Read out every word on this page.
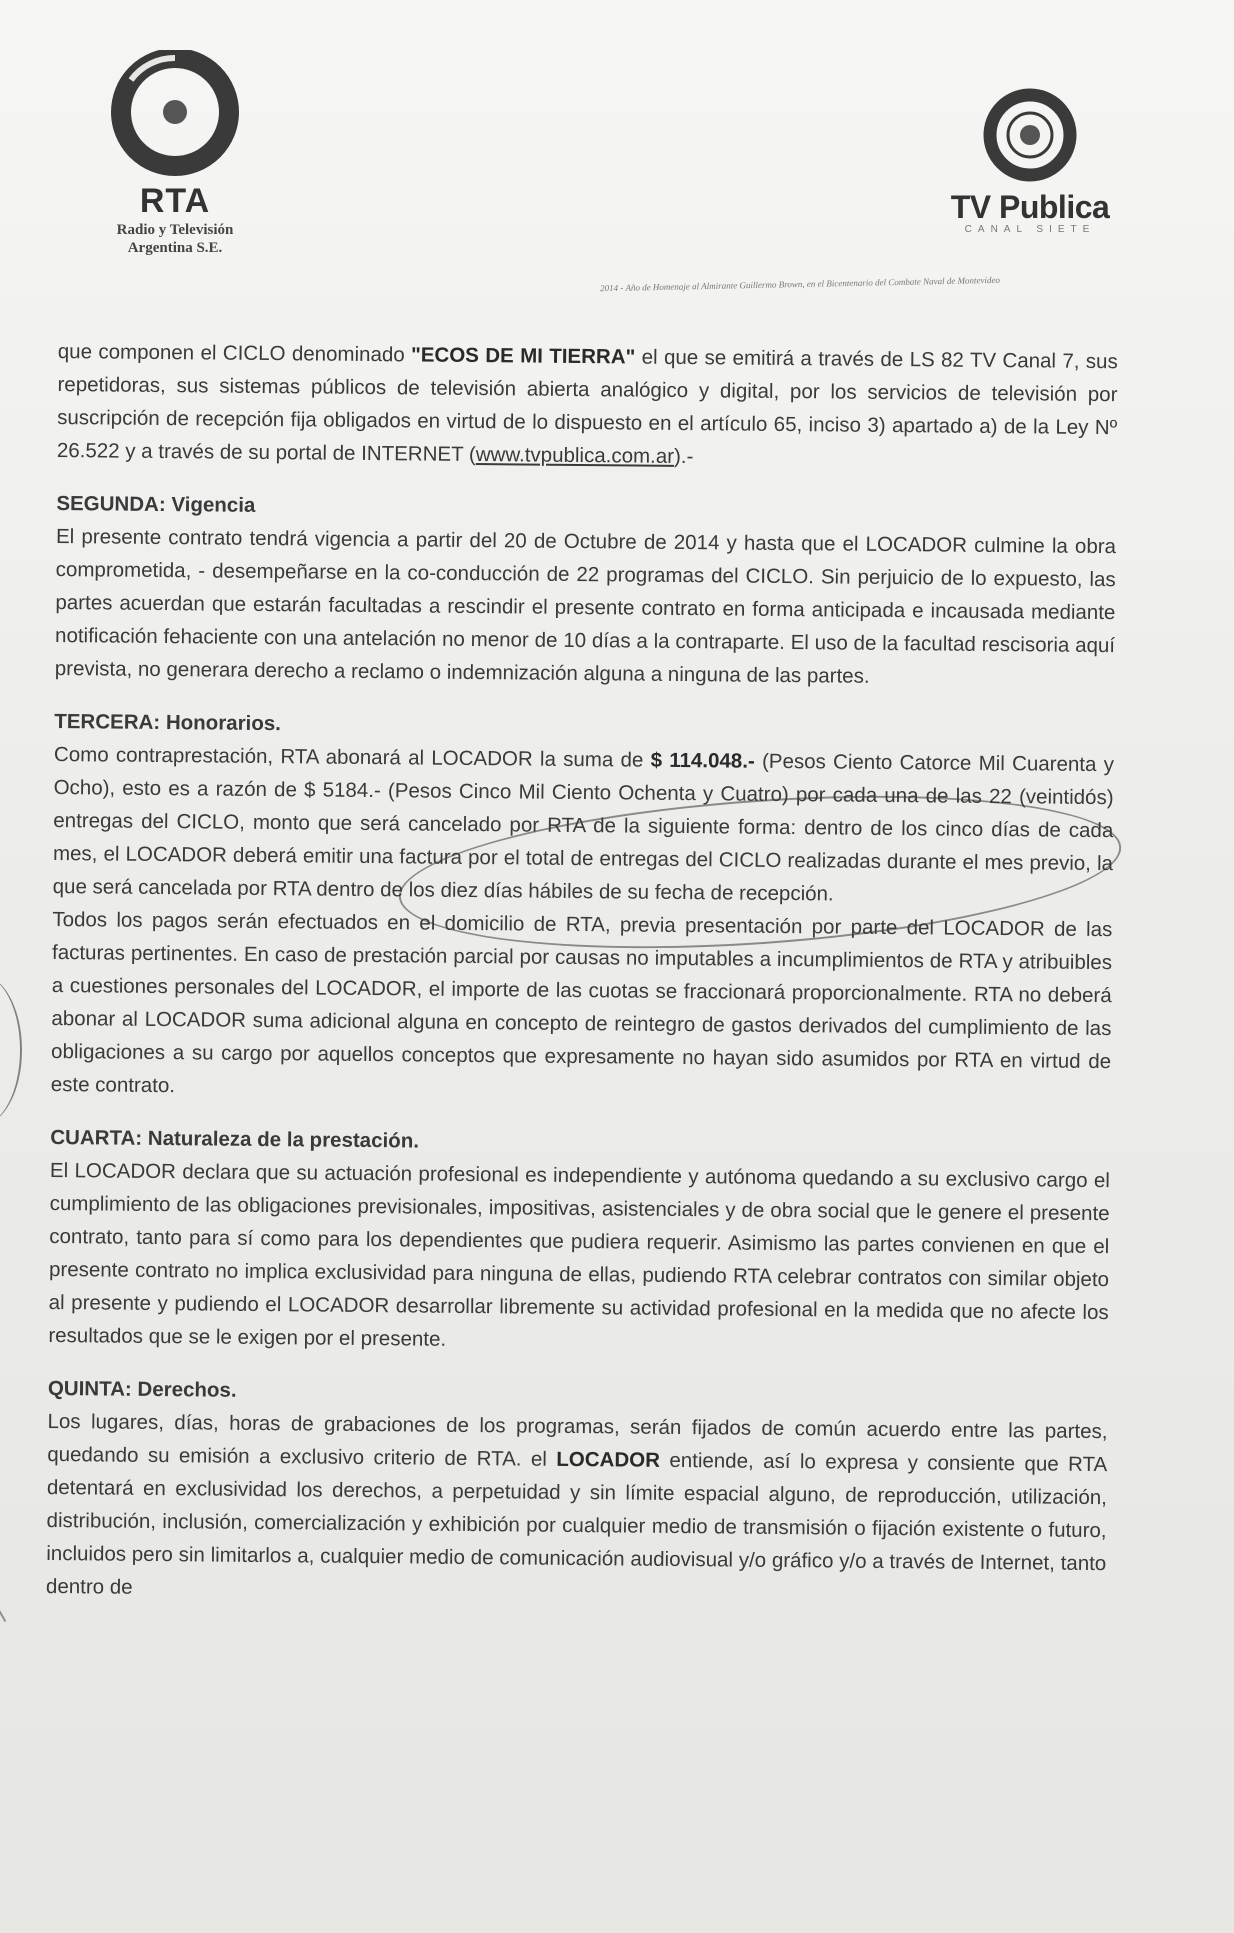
RTA
Radio y Televisión
Argentina S.E.
TV Publica
CANAL SIETE
2014 - Año de Homenaje al Almirante Guillermo Brown, en el Bicentenario del Combate Naval de Montevideo

que componen el CICLO denominado "ECOS DE MI TIERRA" el que se emitirá a través de LS 82 TV Canal 7, sus repetidoras, sus sistemas públicos de televisión abierta analógico y digital, por los servicios de televisión por suscripción de recepción fija obligados en virtud de lo dispuesto en el artículo 65, inciso 3) apartado a) de la Ley Nº 26.522 y a través de su portal de INTERNET (www.tvpublica.com.ar).-

SEGUNDA: Vigencia

El presente contrato tendrá vigencia a partir del 20 de Octubre de 2014 y hasta que el LOCADOR culmine la obra comprometida, - desempeñarse en la co-conducción de 22 programas del CICLO. Sin perjuicio de lo expuesto, las partes acuerdan que estarán facultadas a rescindir el presente contrato en forma anticipada e incausada mediante notificación fehaciente con una antelación no menor de 10 días a la contraparte. El uso de la facultad rescisoria aquí prevista, no generara derecho a reclamo o indemnización alguna a ninguna de las partes.

TERCERA: Honorarios.

Como contraprestación, RTA abonará al LOCADOR la suma de $ 114.048.- (Pesos Ciento Catorce Mil Cuarenta y Ocho), esto es a razón de $ 5184.- (Pesos Cinco Mil Ciento Ochenta y Cuatro) por cada una de las 22 (veintidós) entregas del CICLO, monto que será cancelado por RTA de la siguiente forma: dentro de los cinco días de cada mes, el LOCADOR deberá emitir una factura por el total de entregas del CICLO realizadas durante el mes previo, la que será cancelada por RTA dentro de los diez días hábiles de su fecha de recepción.

Todos los pagos serán efectuados en el domicilio de RTA, previa presentación por parte del LOCADOR de las facturas pertinentes. En caso de prestación parcial por causas no imputables a incumplimientos de RTA y atribuibles a cuestiones personales del LOCADOR, el importe de las cuotas se fraccionará proporcionalmente. RTA no deberá abonar al LOCADOR suma adicional alguna en concepto de reintegro de gastos derivados del cumplimiento de las obligaciones a su cargo por aquellos conceptos que expresamente no hayan sido asumidos por RTA en virtud de este contrato.

CUARTA: Naturaleza de la prestación.

El LOCADOR declara que su actuación profesional es independiente y autónoma quedando a su exclusivo cargo el cumplimiento de las obligaciones previsionales, impositivas, asistenciales y de obra social que le genere el presente contrato, tanto para sí como para los dependientes que pudiera requerir. Asimismo las partes convienen en que el presente contrato no implica exclusividad para ninguna de ellas, pudiendo RTA celebrar contratos con similar objeto al presente y pudiendo el LOCADOR desarrollar libremente su actividad profesional en la medida que no afecte los resultados que se le exigen por el presente.

QUINTA: Derechos.

Los lugares, días, horas de grabaciones de los programas, serán fijados de común acuerdo entre las partes, quedando su emisión a exclusivo criterio de RTA. el LOCADOR entiende, así lo expresa y consiente que RTA detentará en exclusividad los derechos, a perpetuidad y sin límite espacial alguno, de reproducción, utilización, distribución, inclusión, comercialización y exhibición por cualquier medio de transmisión o fijación existente o futuro, incluidos pero sin limitarlos a, cualquier medio de comunicación audiovisual y/o gráfico y/o a través de Internet, tanto dentro de
